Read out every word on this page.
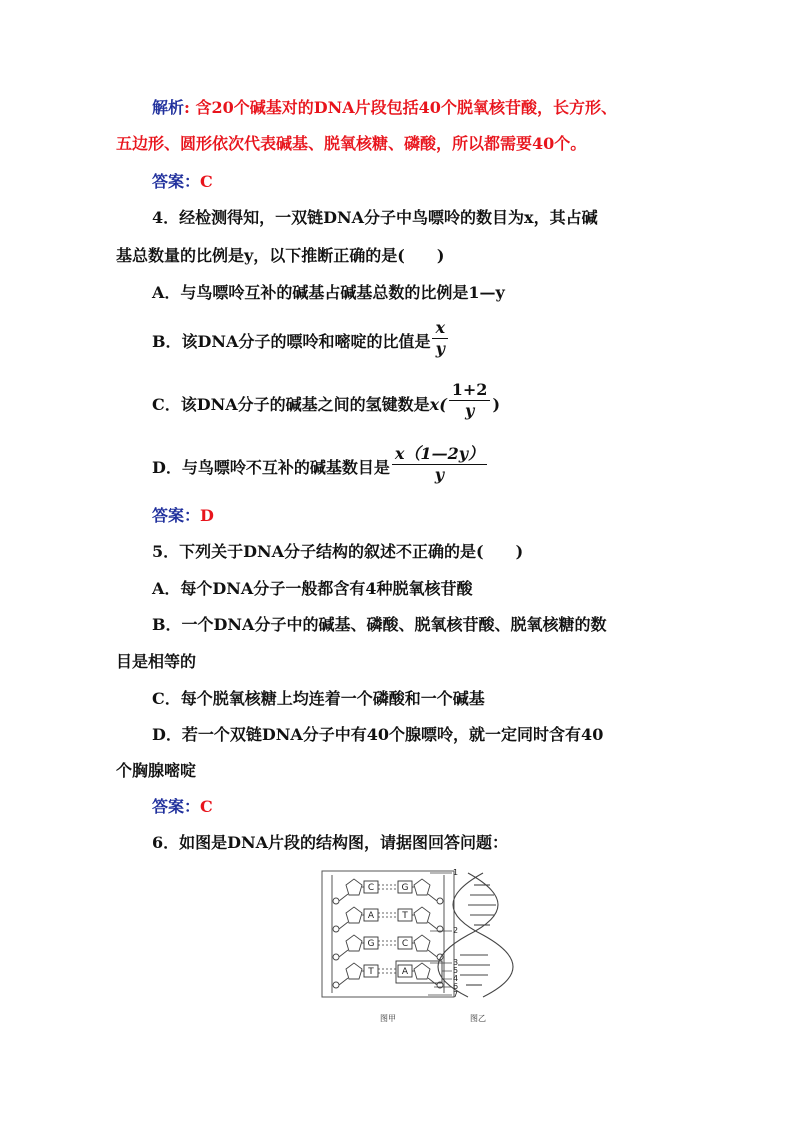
解析: 含20个碱基对的DNA片段包括40个脱氧核苷酸，长方形、
五边形、圆形依次代表碱基、脱氧核糖、磷酸，所以都需要40个。
答案：C
4．经检测得知，一双链DNA分子中鸟嘌呤的数目为x，其占碱
基总数量的比例是y，以下推断正确的是(　　)
A．与鸟嘌呤互补的碱基占碱基总数的比例是1—y
B．该DNA分子的嘌呤和嘧啶的比值是 $\frac{x}{y}$
C．该DNA分子的碱基之间的氢键数是$x( \frac{1+2}{y}$ )
D．与鸟嘌呤不互补的碱基数目是 $\frac{x(1—2y)}{y}$
答案：D
5．下列关于DNA分子结构的叙述不正确的是(　　)
A．每个DNA分子一般都含有4种脱氧核苷酸
B．一个DNA分子中的碱基、磷酸、脱氧核苷酸、脱氧核糖的数
目是相等的
C．每个脱氧核糖上均连着一个磷酸和一个碱基
D．若一个双链DNA分子中有40个腺嘌呤，就一定同时含有40
个胸腺嘧啶
答案：C
6．如图是DNA片段的结构图，请据图回答问题：
C
A
G
T
G
T
C
A
1
2
3
5
4
6
7
图甲	图乙
